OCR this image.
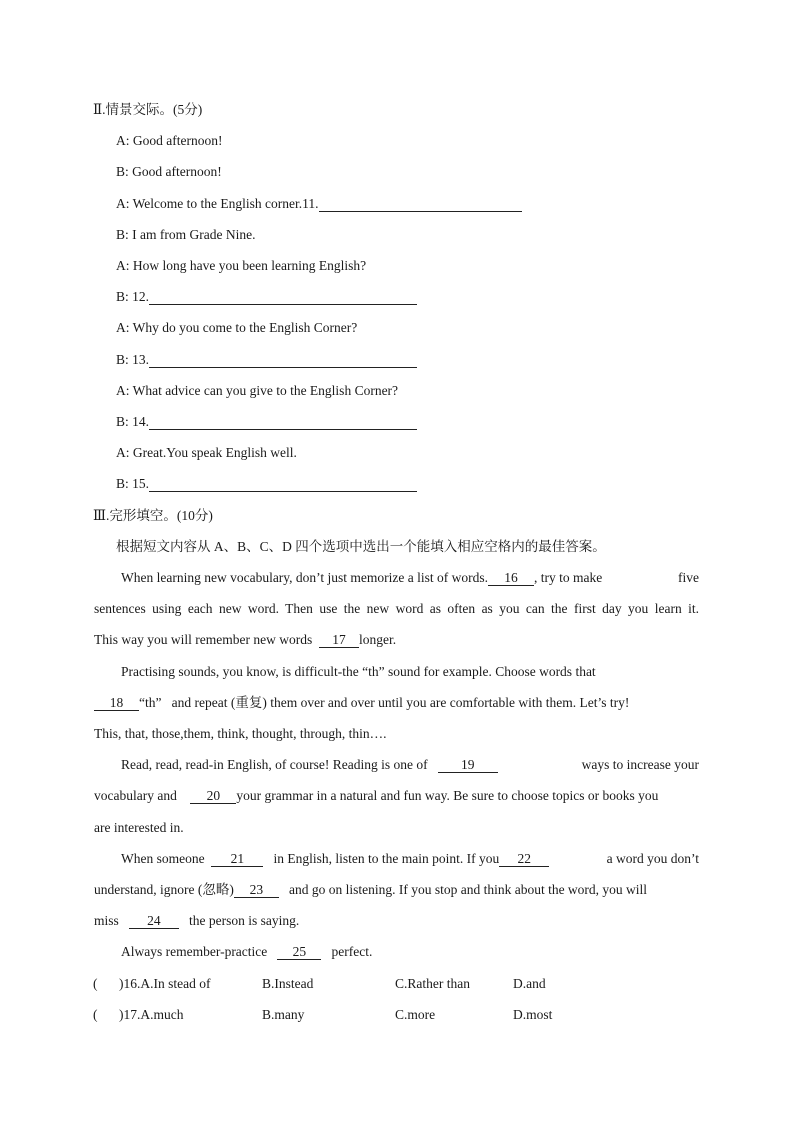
Ⅱ.情景交际。(5分)
A: Good afternoon!
B: Good afternoon!
A: Welcome to the English corner.11.
B: I am from Grade Nine.
A: How long have you been learning English?
B: 12.
A: Why do you come to the English Corner?
B: 13.
A: What advice can you give to the English Corner?
B: 14.
A: Great.You speak English well.
B: 15.
Ⅲ.完形填空。(10分)
根据短文内容从 A、B、C、D 四个选项中选出一个能填入相应空格内的最佳答案。
When learning new vocabulary, don’t just memorize a list of words. 16 , try to make	five
sentences using each new word. Then use the new word as often as you can the first day you learn it.
This way you will remember new words 17 longer.
Practising sounds, you know, is difficult-the “th” sound for example. Choose words that
18 “th” and repeat (重复) them over and over until you are comfortable with them. Let’s try!
This, that, those,them, think, thought, through, thin….
Read, read, read-in English, of course! Reading is one of 19	ways to increase your
vocabulary and 20 your grammar in a natural and fun way. Be sure to choose topics or books you
are interested in.
When someone 21 in English, listen to the main point. If you 22	a word you don’t
understand, ignore (忽略) 23 and go on listening. If you stop and think about the word, you will
miss 24 the person is saying.
Always remember-practice 25 perfect.
( )16.A.In stead of	B.Instead	C.Rather than	D.and
( )17.A.much	B.many	C.more	D.most
